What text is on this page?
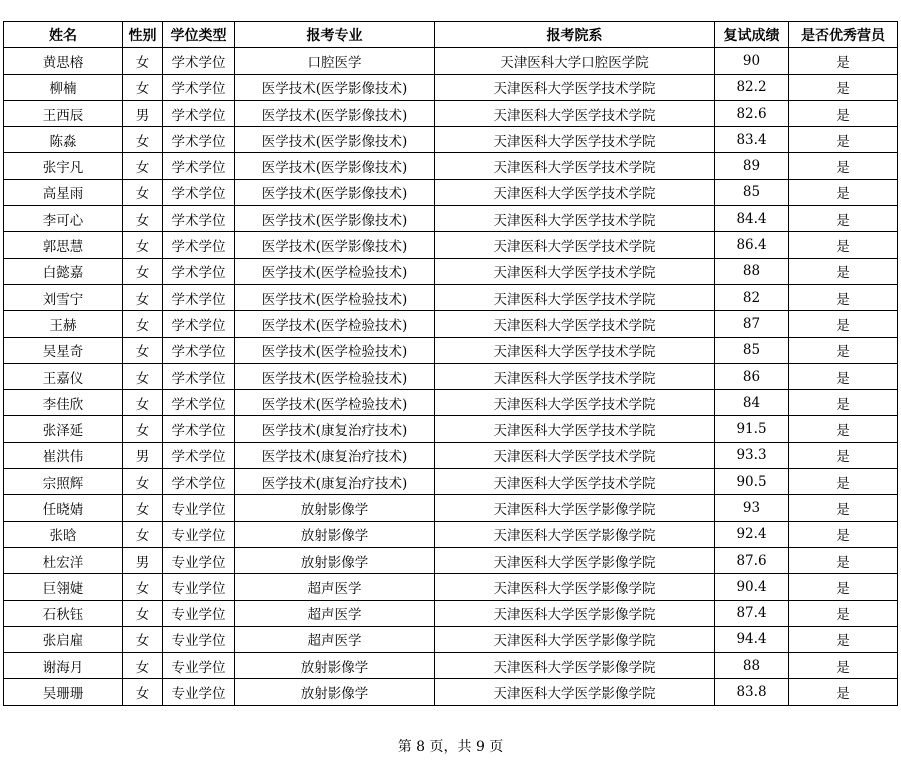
姓名	性别	学位类型	报考专业	报考院系	复试成绩	是否优秀营员
黄思榕	女	学术学位	口腔医学	天津医科大学口腔医学院	90	是
柳楠	女	学术学位	医学技术(医学影像技术)	天津医科大学医学技术学院	82.2	是
王西辰	男	学术学位	医学技术(医学影像技术)	天津医科大学医学技术学院	82.6	是
陈淼	女	学术学位	医学技术(医学影像技术)	天津医科大学医学技术学院	83.4	是
张宇凡	女	学术学位	医学技术(医学影像技术)	天津医科大学医学技术学院	89	是
高星雨	女	学术学位	医学技术(医学影像技术)	天津医科大学医学技术学院	85	是
李可心	女	学术学位	医学技术(医学影像技术)	天津医科大学医学技术学院	84.4	是
郭思慧	女	学术学位	医学技术(医学影像技术)	天津医科大学医学技术学院	86.4	是
白懿嘉	女	学术学位	医学技术(医学检验技术)	天津医科大学医学技术学院	88	是
刘雪宁	女	学术学位	医学技术(医学检验技术)	天津医科大学医学技术学院	82	是
王赫	女	学术学位	医学技术(医学检验技术)	天津医科大学医学技术学院	87	是
吴星奇	女	学术学位	医学技术(医学检验技术)	天津医科大学医学技术学院	85	是
王嘉仪	女	学术学位	医学技术(医学检验技术)	天津医科大学医学技术学院	86	是
李佳欣	女	学术学位	医学技术(医学检验技术)	天津医科大学医学技术学院	84	是
张泽延	女	学术学位	医学技术(康复治疗技术)	天津医科大学医学技术学院	91.5	是
崔洪伟	男	学术学位	医学技术(康复治疗技术)	天津医科大学医学技术学院	93.3	是
宗照辉	女	学术学位	医学技术(康复治疗技术)	天津医科大学医学技术学院	90.5	是
任晓婧	女	专业学位	放射影像学	天津医科大学医学影像学院	93	是
张晗	女	专业学位	放射影像学	天津医科大学医学影像学院	92.4	是
杜宏洋	男	专业学位	放射影像学	天津医科大学医学影像学院	87.6	是
巨翎婕	女	专业学位	超声医学	天津医科大学医学影像学院	90.4	是
石秋钰	女	专业学位	超声医学	天津医科大学医学影像学院	87.4	是
张启雇	女	专业学位	超声医学	天津医科大学医学影像学院	94.4	是
谢海月	女	专业学位	放射影像学	天津医科大学医学影像学院	88	是
吴珊珊	女	专业学位	放射影像学	天津医科大学医学影像学院	83.8	是
第 8 页，共 9 页
